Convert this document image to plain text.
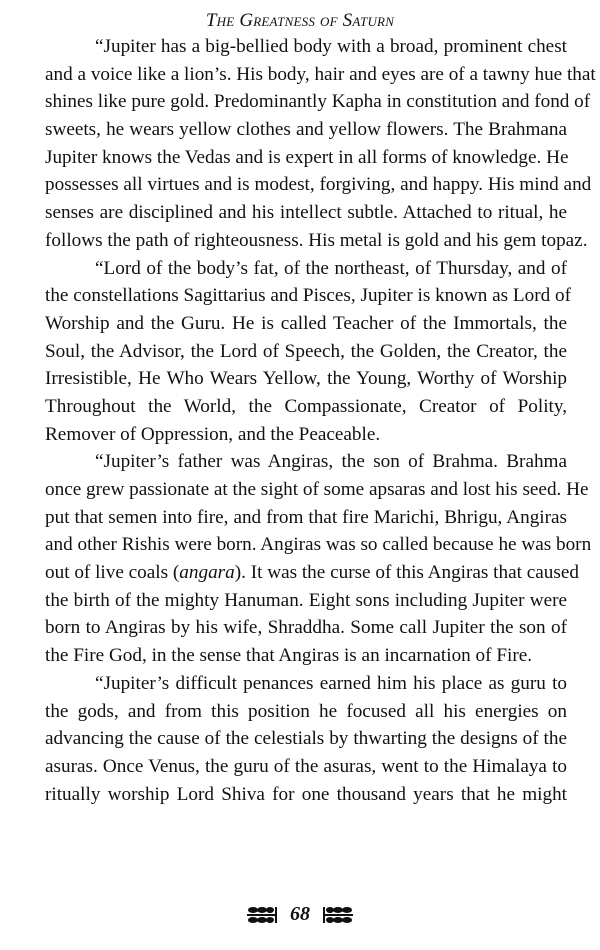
The Greatness of Saturn
“Jupiter has a big-bellied body with a broad, prominent chest
and a voice like a lion’s. His body, hair and eyes are of a tawny hue that
shines like pure gold. Predominantly Kapha in constitution and fond of
sweets, he wears yellow clothes and yellow flowers. The Brahmana
Jupiter knows the Vedas and is expert in all forms of knowledge. He
possesses all virtues and is modest, forgiving, and happy. His mind and
senses are disciplined and his intellect subtle. Attached to ritual, he
follows the path of righteousness. His metal is gold and his gem topaz.
“Lord of the body’s fat, of the northeast, of Thursday, and of
the constellations Sagittarius and Pisces, Jupiter is known as Lord of
Worship and the Guru. He is called Teacher of the Immortals, the
Soul, the Advisor, the Lord of Speech, the Golden, the Creator, the
Irresistible, He Who Wears Yellow, the Young, Worthy of Worship
Throughout the World, the Compassionate, Creator of Polity,
Remover of Oppression, and the Peaceable.
“Jupiter’s father was Angiras, the son of Brahma. Brahma
once grew passionate at the sight of some apsaras and lost his seed. He
put that semen into fire, and from that fire Marichi, Bhrigu, Angiras
and other Rishis were born. Angiras was so called because he was born
out of live coals (angara). It was the curse of this Angiras that caused
the birth of the mighty Hanuman. Eight sons including Jupiter were
born to Angiras by his wife, Shraddha. Some call Jupiter the son of
the Fire God, in the sense that Angiras is an incarnation of Fire.
“Jupiter’s difficult penances earned him his place as guru to
the gods, and from this position he focused all his energies on
advancing the cause of the celestials by thwarting the designs of the
asuras. Once Venus, the guru of the asuras, went to the Himalaya to
ritually worship Lord Shiva for one thousand years that he might
68
